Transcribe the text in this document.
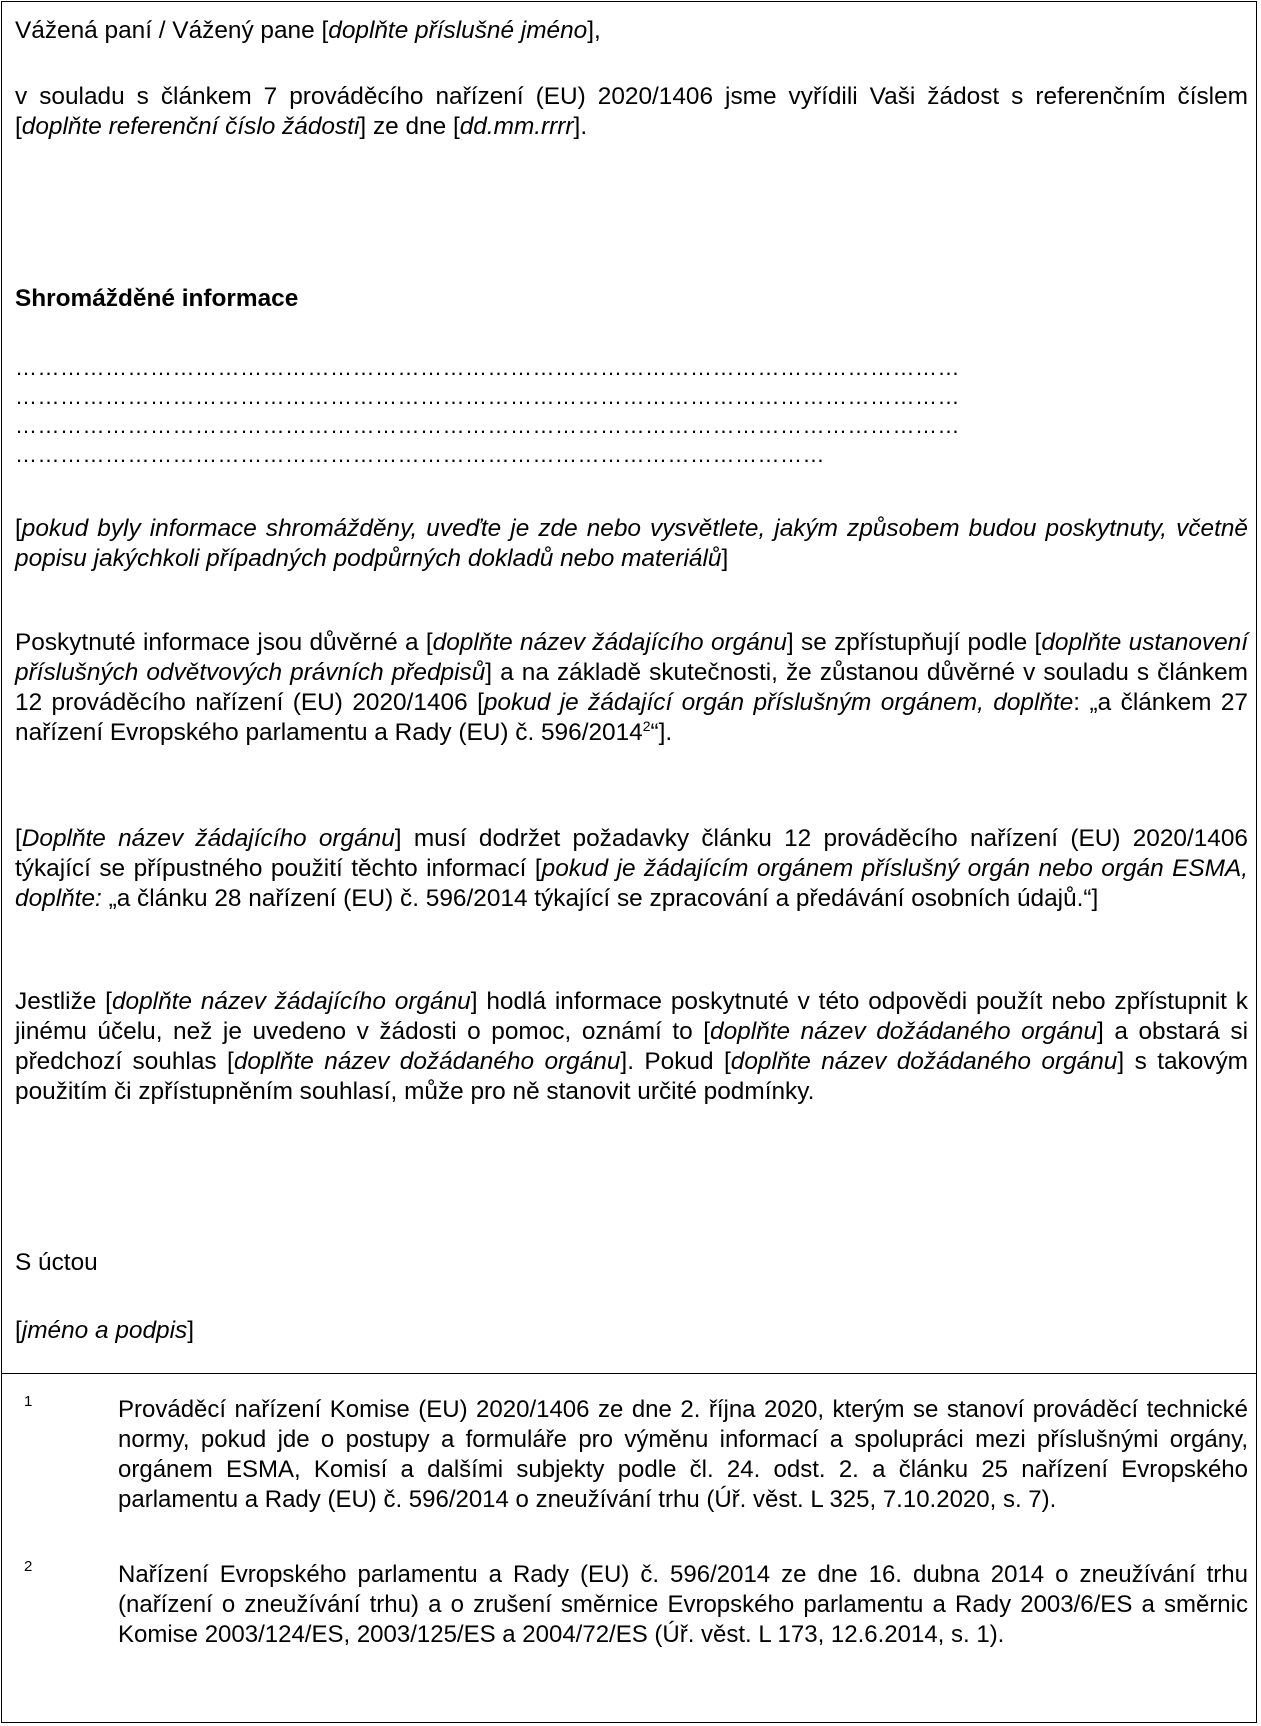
Vážená paní / Vážený pane [doplňte příslušné jméno],

v souladu s článkem 7 prováděcího nařízení (EU) 2020/1406 jsme vyřídili Vaši žádost s referenčním číslem [doplňte referenční číslo žádosti] ze dne [dd.mm.rrrr].

Shromážděné informace

………………………………………………………………………………………………………………
………………………………………………………………………………………………………………
………………………………………………………………………………………………………………
………………………………………………………………………………………………

[pokud byly informace shromážděny, uveďte je zde nebo vysvětlete, jakým způsobem budou poskytnuty, včetně popisu jakýchkoli případných podpůrných dokladů nebo materiálů]

Poskytnuté informace jsou důvěrné a [doplňte název žádajícího orgánu] se zpřístupňují podle [doplňte ustanovení příslušných odvětvových právních předpisů] a na základě skutečnosti, že zůstanou důvěrné v souladu s článkem 12 prováděcího nařízení (EU) 2020/1406 [pokud je žádající orgán příslušným orgánem, doplňte: „a článkem 27 nařízení Evropského parlamentu a Rady (EU) č. 596/2014$^2$“].

[Doplňte název žádajícího orgánu] musí dodržet požadavky článku 12 prováděcího nařízení (EU) 2020/1406 týkající se přípustného použití těchto informací [pokud je žádajícím orgánem příslušný orgán nebo orgán ESMA, doplňte: „a článku 28 nařízení (EU) č. 596/2014 týkající se zpracování a předávání osobních údajů.“]

Jestliže [doplňte název žádajícího orgánu] hodlá informace poskytnuté v této odpovědi použít nebo zpřístupnit k jinému účelu, než je uvedeno v žádosti o pomoc, oznámí to [doplňte název dožádaného orgánu] a obstará si předchozí souhlas [doplňte název dožádaného orgánu]. Pokud [doplňte název dožádaného orgánu] s takovým použitím či zpřístupněním souhlasí, může pro ně stanovit určité podmínky.

S úctou

[jméno a podpis]

1	Prováděcí nařízení Komise (EU) 2020/1406 ze dne 2. října 2020, kterým se stanoví prováděcí technické normy, pokud jde o postupy a formuláře pro výměnu informací a spolupráci mezi příslušnými orgány, orgánem ESMA, Komisí a dalšími subjekty podle čl. 24. odst. 2. a článku 25 nařízení Evropského parlamentu a Rady (EU) č. 596/2014 o zneužívání trhu (Úř. věst. L 325, 7.10.2020, s. 7).
2	Nařízení Evropského parlamentu a Rady (EU) č. 596/2014 ze dne 16. dubna 2014 o zneužívání trhu (nařízení o zneužívání trhu) a o zrušení směrnice Evropského parlamentu a Rady 2003/6/ES a směrnic Komise 2003/124/ES, 2003/125/ES a 2004/72/ES (Úř. věst. L 173, 12.6.2014, s. 1).
